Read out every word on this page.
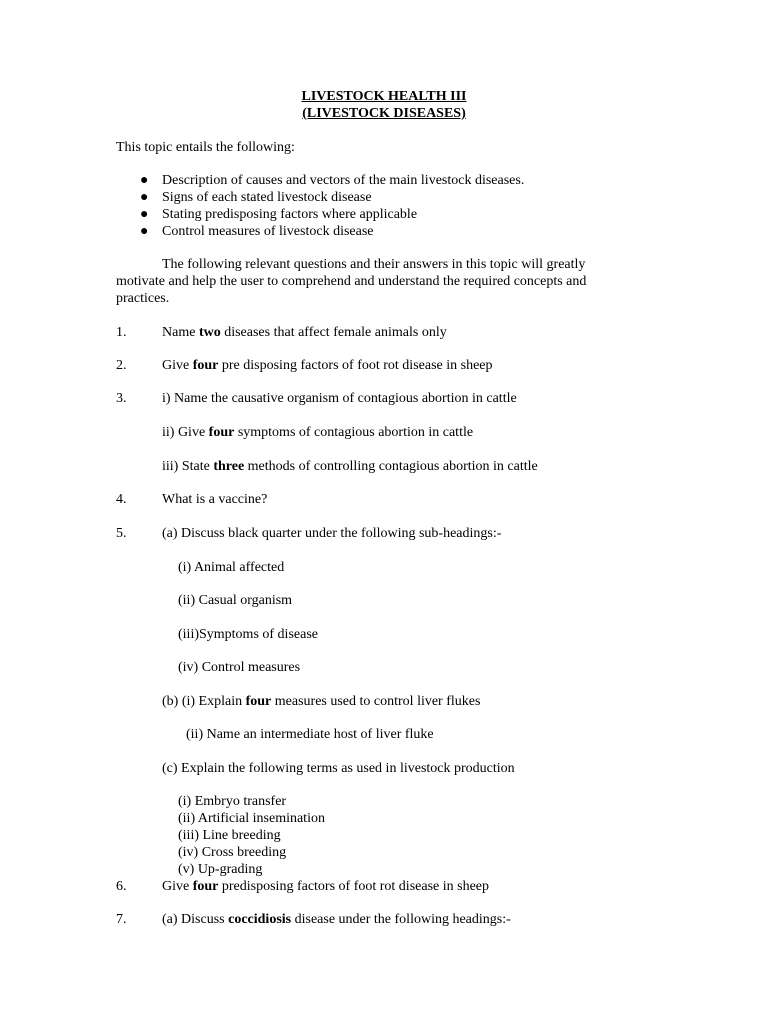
LIVESTOCK HEALTH III
(LIVESTOCK DISEASES)
This topic entails the following:
● Description of causes and vectors of the main livestock diseases.
● Signs of each stated livestock disease
● Stating predisposing factors where applicable
● Control measures of livestock disease
The following relevant questions and their answers in this topic will greatly
motivate and help the user to comprehend and understand the required concepts and
practices.
1.	Name two diseases that affect female animals only
2.	Give four pre disposing factors of foot rot disease in sheep
3.	i) Name the causative organism of contagious abortion in cattle
ii) Give four symptoms of contagious abortion in cattle
iii) State three methods of controlling contagious abortion in cattle
4.	What is a vaccine?
5.	(a) Discuss black quarter under the following sub-headings:-
(i) Animal affected
(ii) Casual organism
(iii)Symptoms of disease
(iv) Control measures
(b) (i) Explain four measures used to control liver flukes
(ii) Name an intermediate host of liver fluke
(c) Explain the following terms as used in livestock production
(i) Embryo transfer
(ii) Artificial insemination
(iii) Line breeding
(iv) Cross breeding
(v) Up-grading
6.	Give four predisposing factors of foot rot disease in sheep
7.	(a) Discuss coccidiosis disease under the following headings:-
